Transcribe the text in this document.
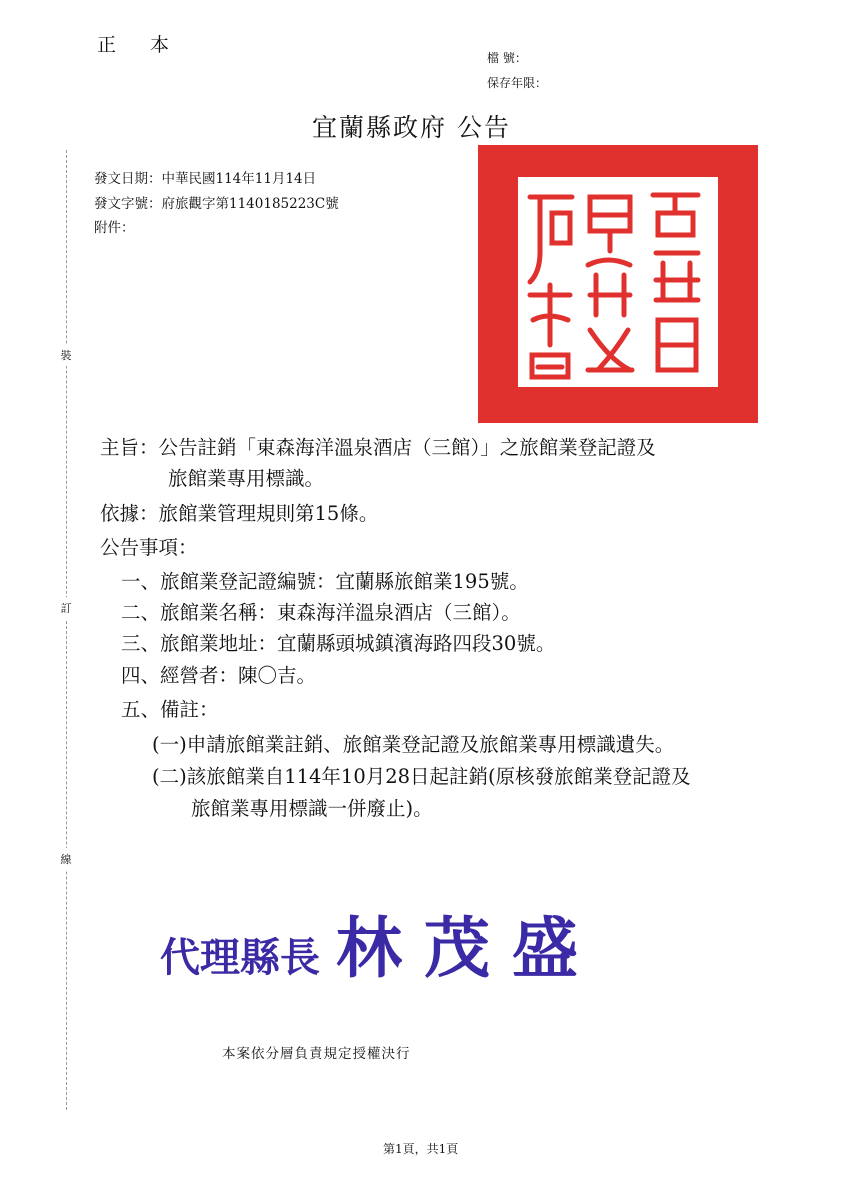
正 本
檔 號：
保存年限：
宜蘭縣政府 公告
發文日期：中華民國114年11月14日
發文字號：府旅觀字第1140185223C號
附件：
裝
訂
線
主旨：公告註銷「東森海洋溫泉酒店（三館）」之旅館業登記證及
旅館業專用標識。
依據：旅館業管理規則第15條。
公告事項：
一、旅館業登記證編號：宜蘭縣旅館業195號。
二、旅館業名稱：東森海洋溫泉酒店（三館）。
三、旅館業地址：宜蘭縣頭城鎮濱海路四段30號。
四、經營者：陳〇吉。
五、備註：
(一)申請旅館業註銷、旅館業登記證及旅館業專用標識遺失。
(二)該旅館業自114年10月28日起註銷(原核發旅館業登記證及
旅館業專用標識一併廢止)。
代理縣長 林茂盛
本案依分層負責規定授權決行
第1頁，共1頁
